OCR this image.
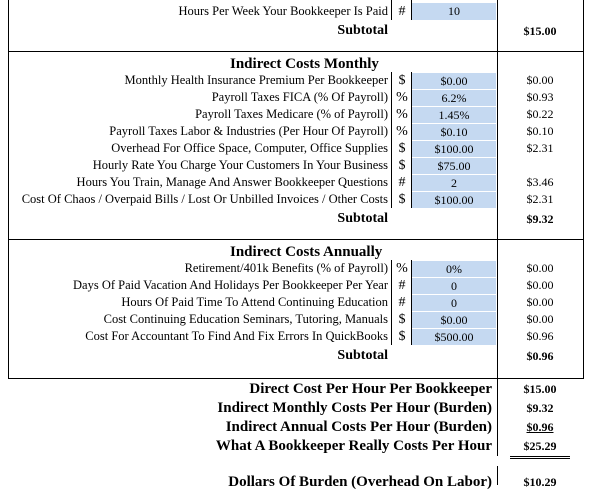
Hours Per Week Your Bookkeeper Is Paid #	10
Subtotal	$15.00
Indirect Costs Monthly
Monthly Health Insurance Premium Per Bookkeeper $	$0.00	$0.00
Payroll Taxes FICA (% Of Payroll) %	6.2%	$0.93
Payroll Taxes Medicare (% of Payroll) %	1.45%	$0.22
Payroll Taxes Labor & Industries (Per Hour Of Payroll) %	$0.10	$0.10
Overhead For Office Space, Computer, Office Supplies $	$100.00	$2.31
Hourly Rate You Charge Your Customers In Your Business $	$75.00
Hours You Train, Manage And Answer Bookkeeper Questions #	2	$3.46
Cost Of Chaos / Overpaid Bills / Lost Or Unbilled Invoices / Other Costs $	$100.00	$2.31
Subtotal	$9.32
Indirect Costs Annually
Retirement/401k Benefits (% of Payroll) %	0%	$0.00
Days Of Paid Vacation And Holidays Per Bookkeeper Per Year #	0	$0.00
Hours Of Paid Time To Attend Continuing Education #	0	$0.00
Cost Continuing Education Seminars, Tutoring, Manuals $	$0.00	$0.00
Cost For Accountant To Find And Fix Errors In QuickBooks $	$500.00	$0.96
Subtotal	$0.96
Direct Cost Per Hour Per Bookkeeper	$15.00
Indirect Monthly Costs Per Hour (Burden)	$9.32
Indirect Annual Costs Per Hour (Burden)	$0.96
What A Bookkeeper Really Costs Per Hour	$25.29
Dollars Of Burden (Overhead On Labor)	$10.29
